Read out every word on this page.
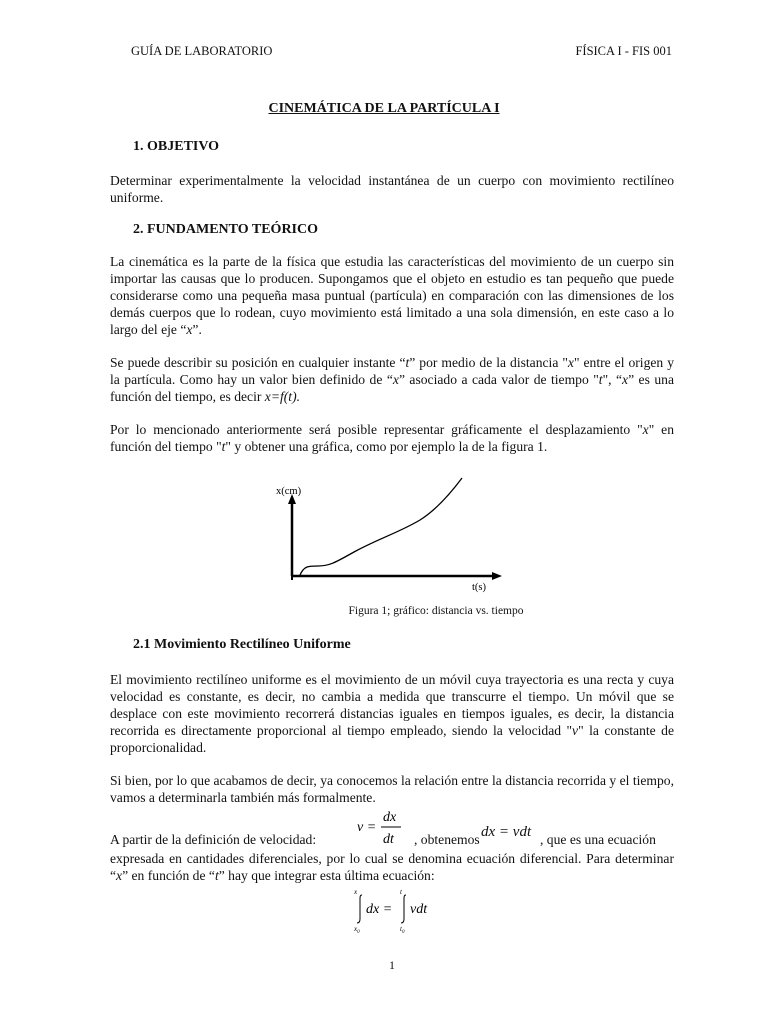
GUÍA DE LABORATORIO	FÍSICA I - FIS 001
CINEMÁTICA DE LA PARTÍCULA I
1. OBJETIVO
Determinar experimentalmente la velocidad instantánea de un cuerpo con movimiento rectilíneo uniforme.
2. FUNDAMENTO TEÓRICO
La cinemática es la parte de la física que estudia las características del movimiento de un cuerpo sin importar las causas que lo producen. Supongamos que el objeto en estudio es tan pequeño que puede considerarse como una pequeña masa puntual (partícula) en comparación con las dimensiones de los demás cuerpos que lo rodean, cuyo movimiento está limitado a una sola dimensión, en este caso a lo largo del eje “x”.
Se puede describir su posición en cualquier instante “t” por medio de la distancia "x" entre el origen y la partícula. Como hay un valor bien definido de “x” asociado a cada valor de tiempo "t", “x” es una función del tiempo, es decir x=f(t).
Por lo mencionado anteriormente será posible representar gráficamente el desplazamiento "x" en función del tiempo "t" y obtener una gráfica, como por ejemplo la de la figura 1.
x(cm)
t(s)
Figura 1; gráfico: distancia vs. tiempo
2.1 Movimiento Rectilíneo Uniforme
El movimiento rectilíneo uniforme es el movimiento de un móvil cuya trayectoria es una recta y cuya velocidad es constante, es decir, no cambia a medida que transcurre el tiempo. Un móvil que se desplace con este movimiento recorrerá distancias iguales en tiempos iguales, es decir, la distancia recorrida es directamente proporcional al tiempo empleado, siendo la velocidad "v" la constante de proporcionalidad.
Si bien, por lo que acabamos de decir, ya conocemos la relación entre la distancia recorrida y el tiempo, vamos a determinarla también más formalmente.
A partir de la definición de velocidad:
v =
dx
dt , obtenemos dx = vdt , que es una ecuación
expresada en cantidades diferenciales, por lo cual se denomina ecuación diferencial. Para determinar “x” en función de “t” hay que integrar esta última ecuación:
x
$x_0$
dx =
t
$t_0$
vdt
1
